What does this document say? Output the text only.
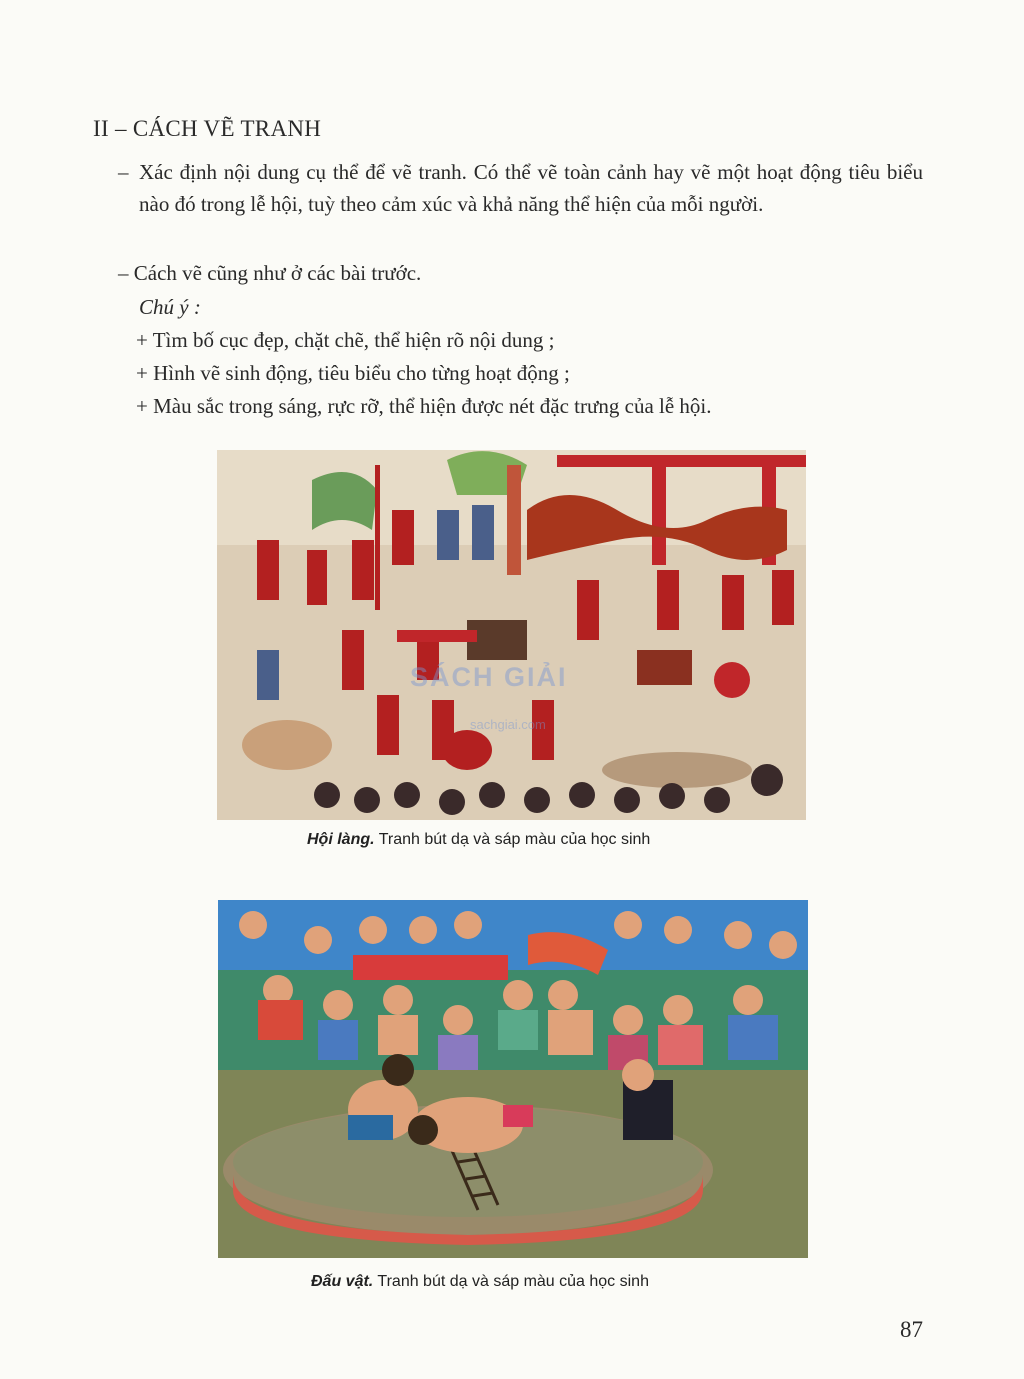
II – CÁCH VẼ TRANH

– Xác định nội dung cụ thể để vẽ tranh. Có thể vẽ toàn cảnh hay vẽ một hoạt động tiêu biểu nào đó trong lễ hội, tuỳ theo cảm xúc và khả năng thể hiện của mỗi người.

– Cách vẽ cũng như ở các bài trước.

Chú ý :

+ Tìm bố cục đẹp, chặt chẽ, thể hiện rõ nội dung ;

+ Hình vẽ sinh động, tiêu biểu cho từng hoạt động ;

+ Màu sắc trong sáng, rực rỡ, thể hiện được nét đặc trưng của lễ hội.

SÁCH GIẢI
sachgiai.com

Hội làng. Tranh bút dạ và sáp màu của học sinh

Đấu vật. Tranh bút dạ và sáp màu của học sinh

87
